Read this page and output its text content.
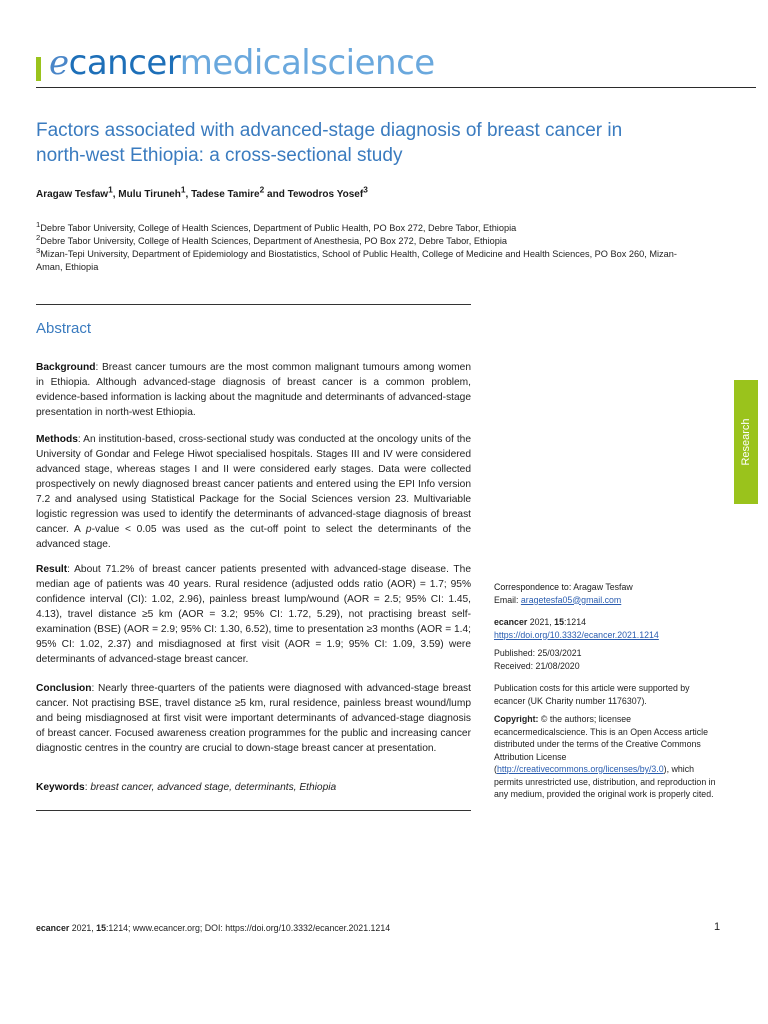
ecancermedicalscience
Factors associated with advanced-stage diagnosis of breast cancer in north-west Ethiopia: a cross-sectional study
Aragaw Tesfaw$^1$, Mulu Tiruneh$^1$, Tadese Tamire$^2$ and Tewodros Yosef$^3$
$^1$Debre Tabor University, College of Health Sciences, Department of Public Health, PO Box 272, Debre Tabor, Ethiopia
$^2$Debre Tabor University, College of Health Sciences, Department of Anesthesia, PO Box 272, Debre Tabor, Ethiopia
$^3$Mizan-Tepi University, Department of Epidemiology and Biostatistics, School of Public Health, College of Medicine and Health Sciences, PO Box 260, Mizan-Aman, Ethiopia
Abstract
Background: Breast cancer tumours are the most common malignant tumours among women in Ethiopia. Although advanced-stage diagnosis of breast cancer is a common problem, evidence-based information is lacking about the magnitude and determinants of advanced-stage presentation in north-west Ethiopia.
Methods: An institution-based, cross-sectional study was conducted at the oncology units of the University of Gondar and Felege Hiwot specialised hospitals. Stages III and IV were considered advanced stage, whereas stages I and II were considered early stages. Data were collected prospectively on newly diagnosed breast cancer patients and entered using the EPI Info version 7.2 and analysed using Statistical Package for the Social Sciences version 23. Multivariable logistic regression was used to identify the determinants of advanced-stage diagnosis of breast cancer. A p-value < 0.05 was used as the cut-off point to select the determinants of the advanced stage.
Result: About 71.2% of breast cancer patients presented with advanced-stage disease. The median age of patients was 40 years. Rural residence (adjusted odds ratio (AOR) = 1.7; 95% confidence interval (CI): 1.02, 2.96), painless breast lump/wound (AOR = 2.5; 95% CI: 1.45, 4.13), travel distance ≥5 km (AOR = 3.2; 95% CI: 1.72, 5.29), not practising breast self-examination (BSE) (AOR = 2.9; 95% CI: 1.30, 6.52), time to presentation ≥3 months (AOR = 1.4; 95% CI: 1.02, 2.37) and misdiagnosed at first visit (AOR = 1.9; 95% CI: 1.09, 3.59) were determinants of advanced-stage breast cancer.
Conclusion: Nearly three-quarters of the patients were diagnosed with advanced-stage breast cancer. Not practising BSE, travel distance ≥5 km, rural residence, painless breast wound/lump and being misdiagnosed at first visit were important determinants of advanced-stage diagnosis of breast cancer. Focused awareness creation programmes for the public and increasing cancer diagnostic centres in the country are crucial to down-stage breast cancer at presentation.
Keywords: breast cancer, advanced stage, determinants, Ethiopia
Correspondence to: Aragaw Tesfaw
Email: aragetesfa05@gmail.com
ecancer 2021, 15:1214
https://doi.org/10.3332/ecancer.2021.1214
Published: 25/03/2021
Received: 21/08/2020
Publication costs for this article were supported by ecancer (UK Charity number 1176307).
Copyright: © the authors; licensee ecancermedicalscience. This is an Open Access article distributed under the terms of the Creative Commons Attribution License (http://creativecommons.org/licenses/by/3.0), which permits unrestricted use, distribution, and reproduction in any medium, provided the original work is properly cited.
Research
ecancer 2021, 15:1214; www.ecancer.org; DOI: https://doi.org/10.3332/ecancer.2021.1214	1
